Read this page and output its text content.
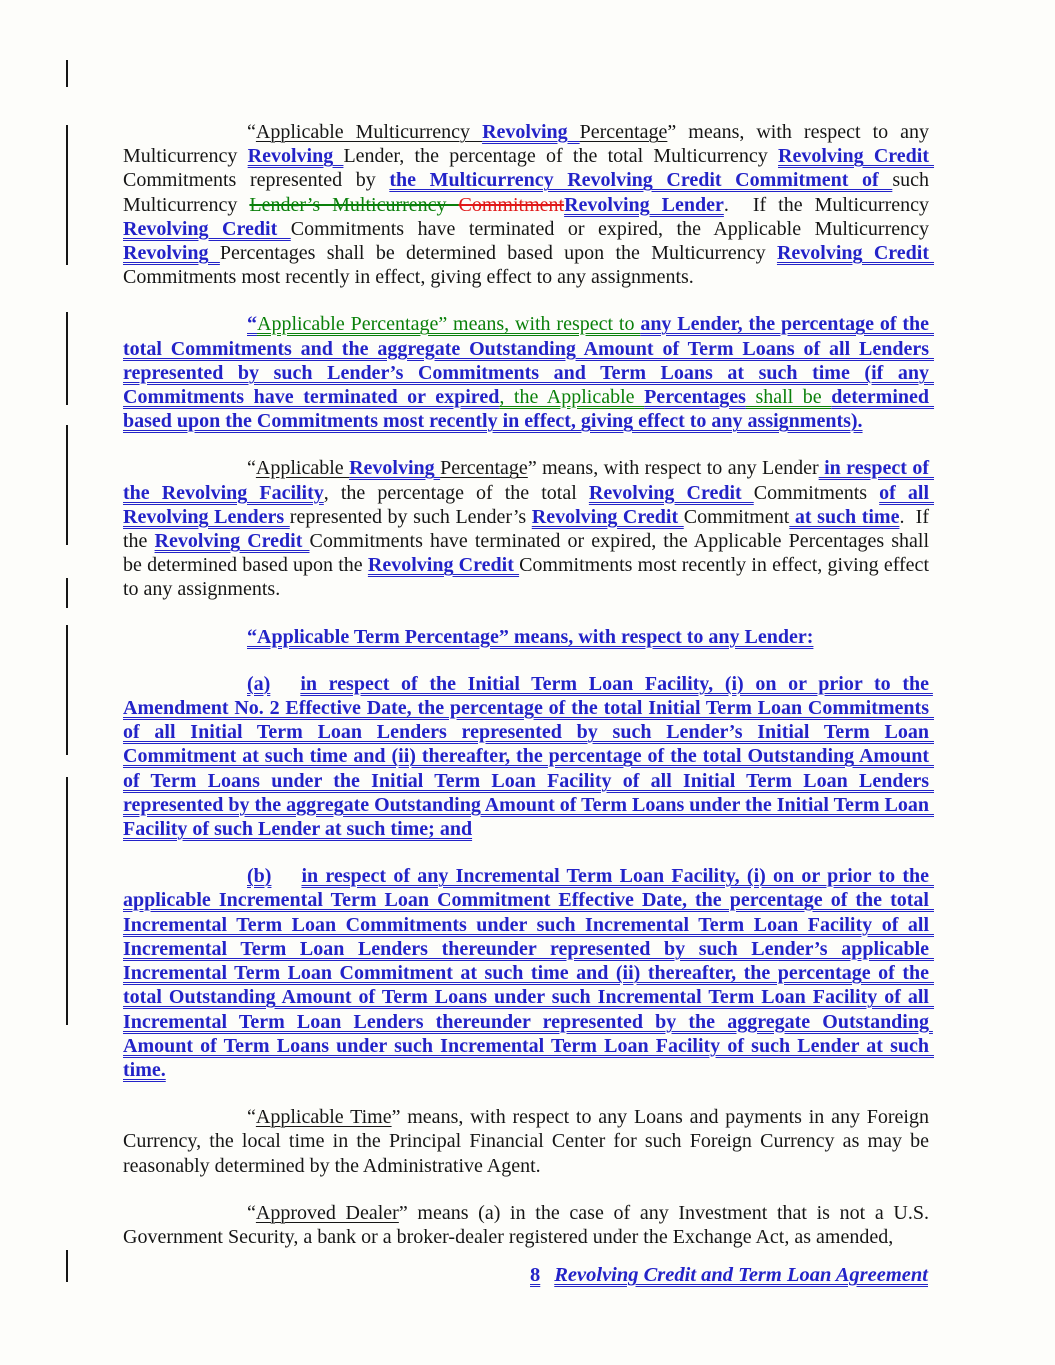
“Applicable Multicurrency Revolving Percentage” means, with respect to any Multicurrency Revolving Lender, the percentage of the total Multicurrency Revolving Credit Commitments represented by the Multicurrency Revolving Credit Commitment of such Multicurrency Lender’s Multicurrency CommitmentRevolving Lender.  If the Multicurrency Revolving Credit Commitments have terminated or expired, the Applicable Multicurrency Revolving Percentages shall be determined based upon the Multicurrency Revolving Credit Commitments most recently in effect, giving effect to any assignments.

“Applicable Percentage” means, with respect to any Lender, the percentage of the total Commitments and the aggregate Outstanding Amount of Term Loans of all Lenders represented by such Lender’s Commitments and Term Loans at such time (if any Commitments have terminated or expired, the Applicable Percentages shall be determined based upon the Commitments most recently in effect, giving effect to any assignments).

“Applicable Revolving Percentage” means, with respect to any Lender in respect of the Revolving Facility, the percentage of the total Revolving Credit Commitments of all Revolving Lenders represented by such Lender’s Revolving Credit Commitment at such time.  If the Revolving Credit Commitments have terminated or expired, the Applicable Percentages shall be determined based upon the Revolving Credit Commitments most recently in effect, giving effect to any assignments.

“Applicable Term Percentage” means, with respect to any Lender:

(a) in respect of the Initial Term Loan Facility, (i) on or prior to the Amendment No. 2 Effective Date, the percentage of the total Initial Term Loan Commitments of all Initial Term Loan Lenders represented by such Lender’s Initial Term Loan Commitment at such time and (ii) thereafter, the percentage of the total Outstanding Amount of Term Loans under the Initial Term Loan Facility of all Initial Term Loan Lenders represented by the aggregate Outstanding Amount of Term Loans under the Initial Term Loan Facility of such Lender at such time; and

(b) in respect of any Incremental Term Loan Facility, (i) on or prior to the applicable Incremental Term Loan Commitment Effective Date, the percentage of the total Incremental Term Loan Commitments under such Incremental Term Loan Facility of all Incremental Term Loan Lenders thereunder represented by such Lender’s applicable Incremental Term Loan Commitment at such time and (ii) thereafter, the percentage of the total Outstanding Amount of Term Loans under such Incremental Term Loan Facility of all Incremental Term Loan Lenders thereunder represented by the aggregate Outstanding Amount of Term Loans under such Incremental Term Loan Facility of such Lender at such time.

“Applicable Time” means, with respect to any Loans and payments in any Foreign Currency, the local time in the Principal Financial Center for such Foreign Currency as may be reasonably determined by the Administrative Agent.

“Approved Dealer” means (a) in the case of any Investment that is not a U.S. Government Security, a bank or a broker-dealer registered under the Exchange Act, as amended,

8 Revolving Credit and Term Loan Agreement
